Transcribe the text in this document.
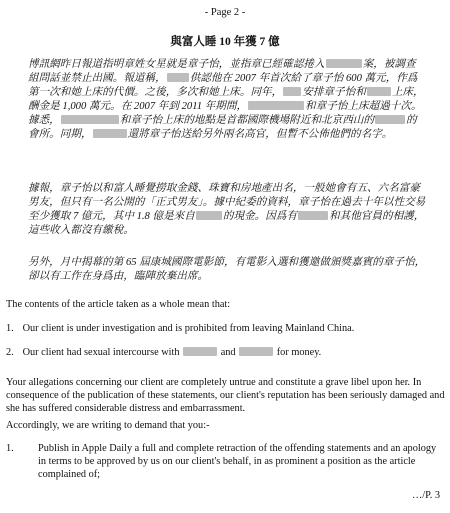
- Page 2 -
與富人睡 10 年獲 7 億

博訊網昨日報道指明章姓女星就是章子怡，並指章已經確認捲入	案，被調查組問話並禁止出國。報道稱， 供認他在 2007 年首次給了章子怡 600 萬元，作爲第一次和她上床的代價。之後，多次和她上床。同年， 安排章子怡和 上床，酬金是 1,000 萬元。在 2007 年到 2011 年期間，	和章子怡上床超過十次。據悉，	和章子怡上床的地點是首都國際機場附近和北京西山的	的會所。同期，	還將章子怡送給另外兩名高官，但暫不公佈他們的名字。

據報，章子怡以和富人睡覺撈取金錢、珠寶和房地產出名，一般她會有五、六名富豪男友，但只有一名公開的「正式男友」。據中紀委的資料，章子怡在過去十年以性交易至少獲取 7 億元，其中 1.8 億是來自	的現金。因爲有	和其他官員的相護，這些收入都沒有繳稅。

另外，月中揭幕的第 65 屆康城國際電影節，有電影入選和獲邀做頒獎嘉賓的章子怡，卻以有工作在身爲由，臨陣放棄出席。

The contents of the article taken as a whole mean that:

1. Our client is under investigation and is prohibited from leaving Mainland China.

2. Our client had sexual intercourse with	and	for money.

Your allegations concerning our client are completely untrue and constitute a grave libel upon her. In consequence of the publication of these statements, our client's reputation has been seriously damaged and she has suffered considerable distress and embarrassment.

Accordingly, we are writing to demand that you:-

1. Publish in Apple Daily a full and complete retraction of the offending statements and an apology in terms to be approved by us on our client's behalf, in as prominent a position as the article complained of;
…/P. 3
